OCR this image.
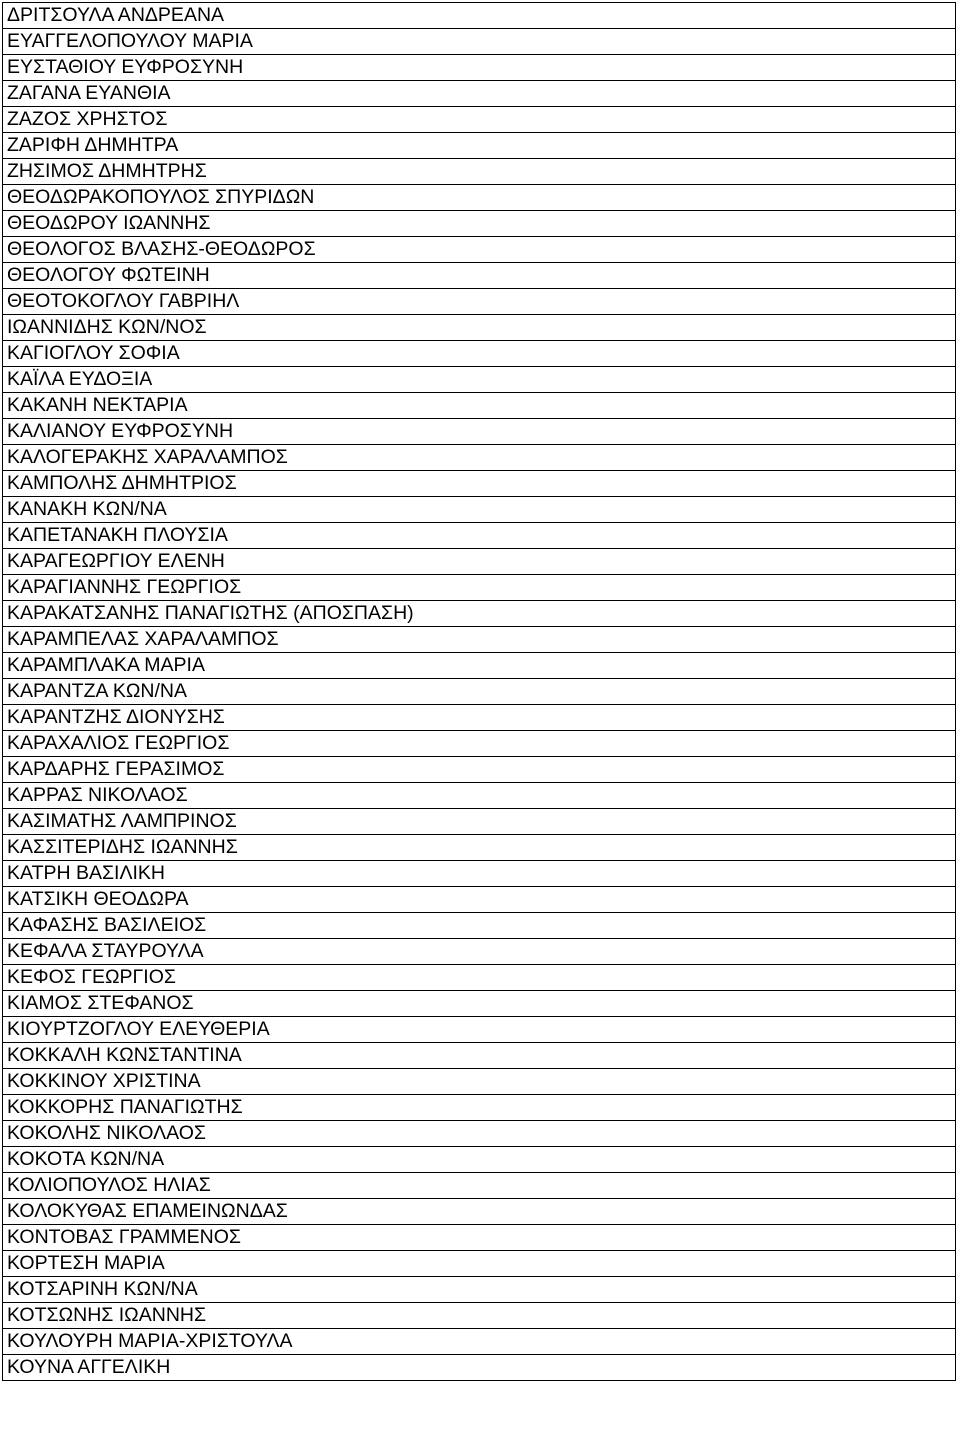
ΔΡΙΤΣΟΥΛΑ ΑΝΔΡΕΑΝΑ
ΕΥΑΓΓΕΛΟΠΟΥΛΟΥ ΜΑΡΙΑ
ΕΥΣΤΑΘΙΟΥ ΕΥΦΡΟΣΥΝΗ
ΖΑΓΑΝΑ ΕΥΑΝΘΙΑ
ΖΑΖΟΣ ΧΡΗΣΤΟΣ
ΖΑΡΙΦΗ ΔΗΜΗΤΡΑ
ΖΗΣΙΜΟΣ ΔΗΜΗΤΡΗΣ
ΘΕΟΔΩΡΑΚΟΠΟΥΛΟΣ ΣΠΥΡΙΔΩΝ
ΘΕΟΔΩΡΟΥ ΙΩΑΝΝΗΣ
ΘΕΟΛΟΓΟΣ ΒΛΑΣΗΣ-ΘΕΟΔΩΡΟΣ
ΘΕΟΛΟΓΟΥ ΦΩΤΕΙΝΗ
ΘΕΟΤΟΚΟΓΛΟΥ ΓΑΒΡΙΗΛ
ΙΩΑΝΝΙΔΗΣ ΚΩΝ/ΝΟΣ
ΚΑΓΙΟΓΛΟΥ ΣΟΦΙΑ
ΚΑΪΛΑ ΕΥΔΟΞΙΑ
ΚΑΚΑΝΗ ΝΕΚΤΑΡΙΑ
ΚΑΛΙΑΝΟΥ ΕΥΦΡΟΣΥΝΗ
ΚΑΛΟΓΕΡΑΚΗΣ ΧΑΡΑΛΑΜΠΟΣ
ΚΑΜΠΟΛΗΣ ΔΗΜΗΤΡΙΟΣ
ΚΑΝΑΚΗ ΚΩΝ/ΝΑ
ΚΑΠΕΤΑΝΑΚΗ ΠΛΟΥΣΙΑ
ΚΑΡΑΓΕΩΡΓΙΟΥ ΕΛΕΝΗ
ΚΑΡΑΓΙΑΝΝΗΣ ΓΕΩΡΓΙΟΣ
ΚΑΡΑΚΑΤΣΑΝΗΣ ΠΑΝΑΓΙΩΤΗΣ (ΑΠΟΣΠΑΣΗ)
ΚΑΡΑΜΠΕΛΑΣ ΧΑΡΑΛΑΜΠΟΣ
ΚΑΡΑΜΠΛΑΚΑ ΜΑΡΙΑ
ΚΑΡΑΝΤΖΑ ΚΩΝ/ΝΑ
ΚΑΡΑΝΤΖΗΣ ΔΙΟΝΥΣΗΣ
ΚΑΡΑΧΑΛΙΟΣ ΓΕΩΡΓΙΟΣ
ΚΑΡΔΑΡΗΣ ΓΕΡΑΣΙΜΟΣ
ΚΑΡΡΑΣ ΝΙΚΟΛΑΟΣ
ΚΑΣΙΜΑΤΗΣ ΛΑΜΠΡΙΝΟΣ
ΚΑΣΣΙΤΕΡΙΔΗΣ ΙΩΑΝΝΗΣ
ΚΑΤΡΗ ΒΑΣΙΛΙΚΗ
ΚΑΤΣΙΚΗ ΘΕΟΔΩΡΑ
ΚΑΦΑΣΗΣ ΒΑΣΙΛΕΙΟΣ
ΚΕΦΑΛΑ ΣΤΑΥΡΟΥΛΑ
ΚΕΦΟΣ ΓΕΩΡΓΙΟΣ
ΚΙΑΜΟΣ ΣΤΕΦΑΝΟΣ
ΚΙΟΥΡΤΖΟΓΛΟΥ ΕΛΕΥΘΕΡΙΑ
ΚΟΚΚΑΛΗ ΚΩΝΣΤΑΝΤΙΝΑ
ΚΟΚΚΙΝΟΥ ΧΡΙΣΤΙΝΑ
ΚΟΚΚΟΡΗΣ ΠΑΝΑΓΙΩΤΗΣ
ΚΟΚΟΛΗΣ ΝΙΚΟΛΑΟΣ
ΚΟΚΟΤΑ ΚΩΝ/ΝΑ
ΚΟΛΙΟΠΟΥΛΟΣ ΗΛΙΑΣ
ΚΟΛΟΚΥΘΑΣ ΕΠΑΜΕΙΝΩΝΔΑΣ
ΚΟΝΤΟΒΑΣ ΓΡΑΜΜΕΝΟΣ
ΚΟΡΤΕΣΗ ΜΑΡΙΑ
ΚΟΤΣΑΡΙΝΗ ΚΩΝ/ΝΑ
ΚΟΤΣΩΝΗΣ ΙΩΑΝΝΗΣ
ΚΟΥΛΟΥΡΗ ΜΑΡΙΑ-ΧΡΙΣΤΟΥΛΑ
ΚΟΥΝΑ ΑΓΓΕΛΙΚΗ
